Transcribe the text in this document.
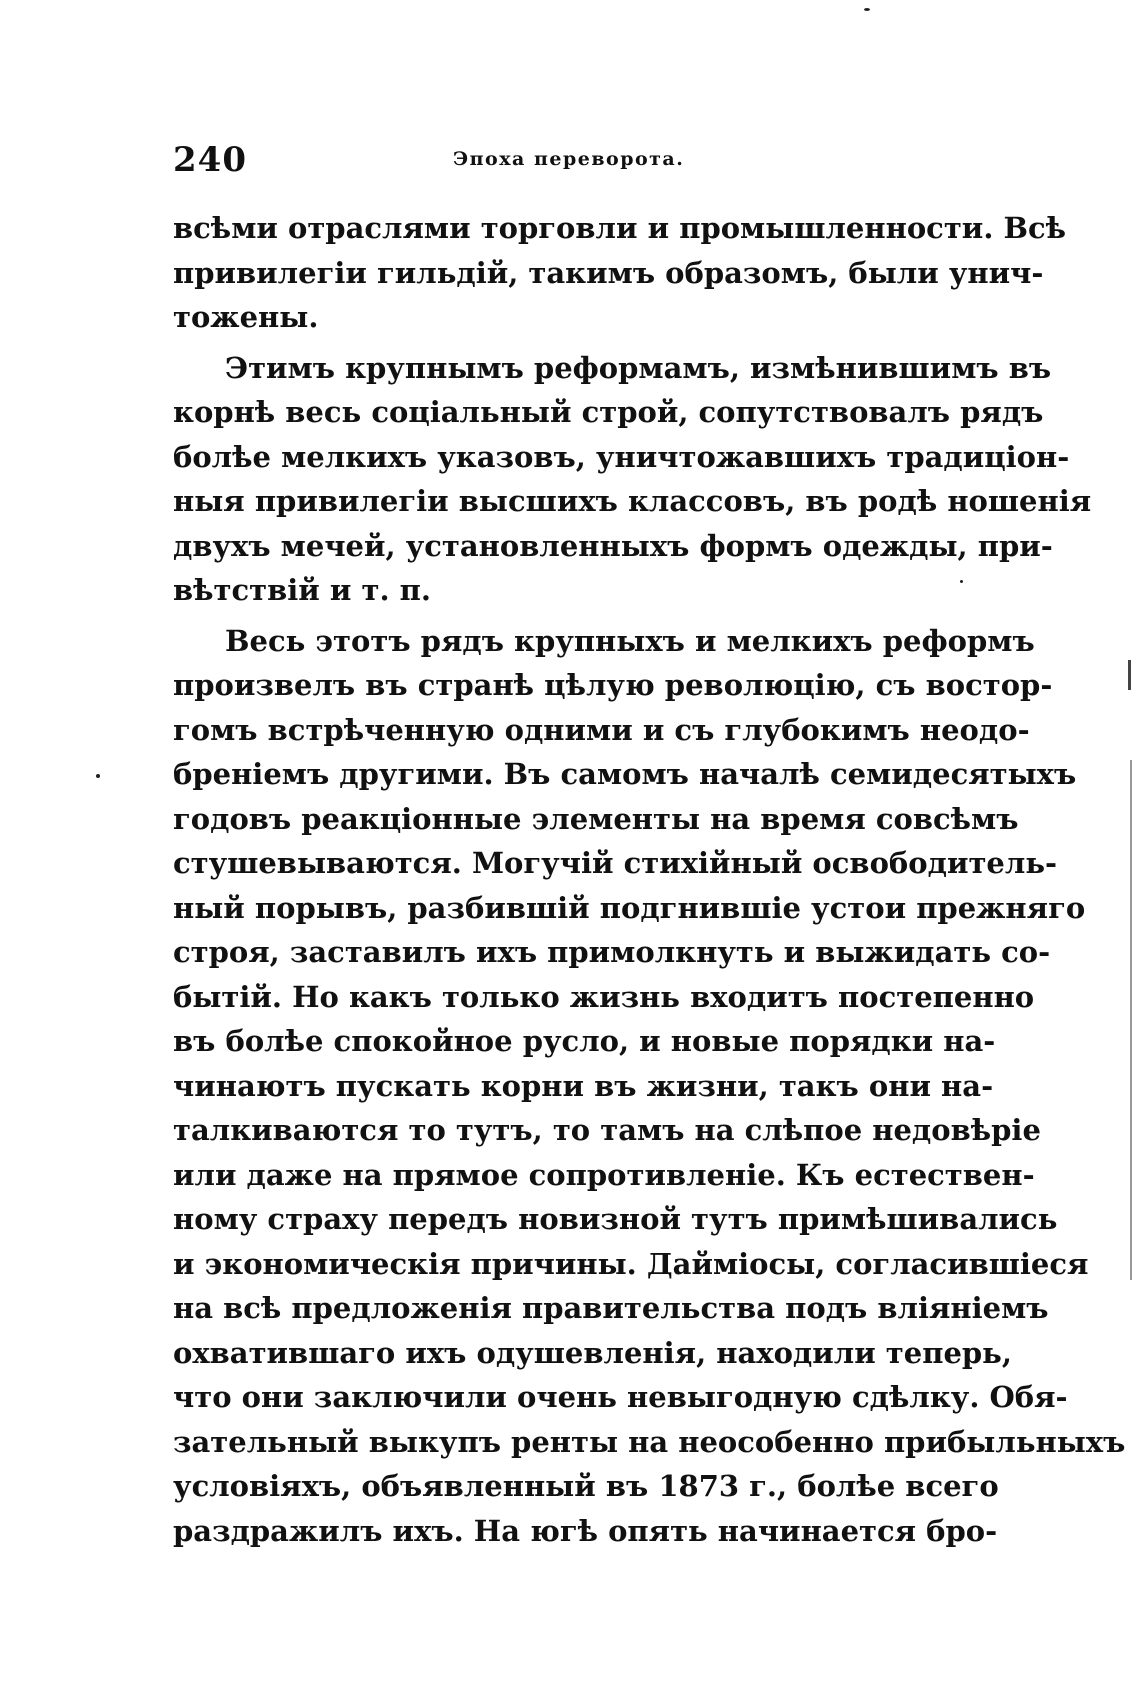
240	Эпоха переворота.
всѣми отраслями торговли и промышленности. Всѣ
привилегіи гильдій, такимъ образомъ, были унич-
тожены.
Этимъ крупнымъ реформамъ, измѣнившимъ въ
корнѣ весь соціальный строй, сопутствовалъ рядъ
болѣе мелкихъ указовъ, уничтожавшихъ традиціон-
ныя привилегіи высшихъ классовъ, въ родѣ ношенія
двухъ мечей, установленныхъ формъ одежды, при-
вѣтствій и т. п.
Весь этотъ рядъ крупныхъ и мелкихъ реформъ
произвелъ въ странѣ цѣлую революцію, съ востор-
гомъ встрѣченную одними и съ глубокимъ неодо-
бреніемъ другими. Въ самомъ началѣ семидесятыхъ
годовъ реакціонные элементы на время совсѣмъ
стушевываются. Могучій стихійный освободитель-
ный порывъ, разбившій подгнившіе устои прежняго
строя, заставилъ ихъ примолкнуть и выжидать со-
бытій. Но какъ только жизнь входитъ постепенно
въ болѣе спокойное русло, и новые порядки на-
чинаютъ пускать корни въ жизни, такъ они на-
талкиваются то тутъ, то тамъ на слѣпое недовѣріе
или даже на прямое сопротивленіе. Къ естествен-
ному страху передъ новизной тутъ примѣшивались
и экономическія причины. Дайміосы, согласившіеся
на всѣ предложенія правительства подъ вліяніемъ
охватившаго ихъ одушевленія, находили теперь,
что они заключили очень невыгодную сдѣлку. Обя-
зательный выкупъ ренты на неособенно прибыльныхъ
условіяхъ, объявленный въ 1873 г., болѣе всего
раздражилъ ихъ. На югѣ опять начинается бро-
